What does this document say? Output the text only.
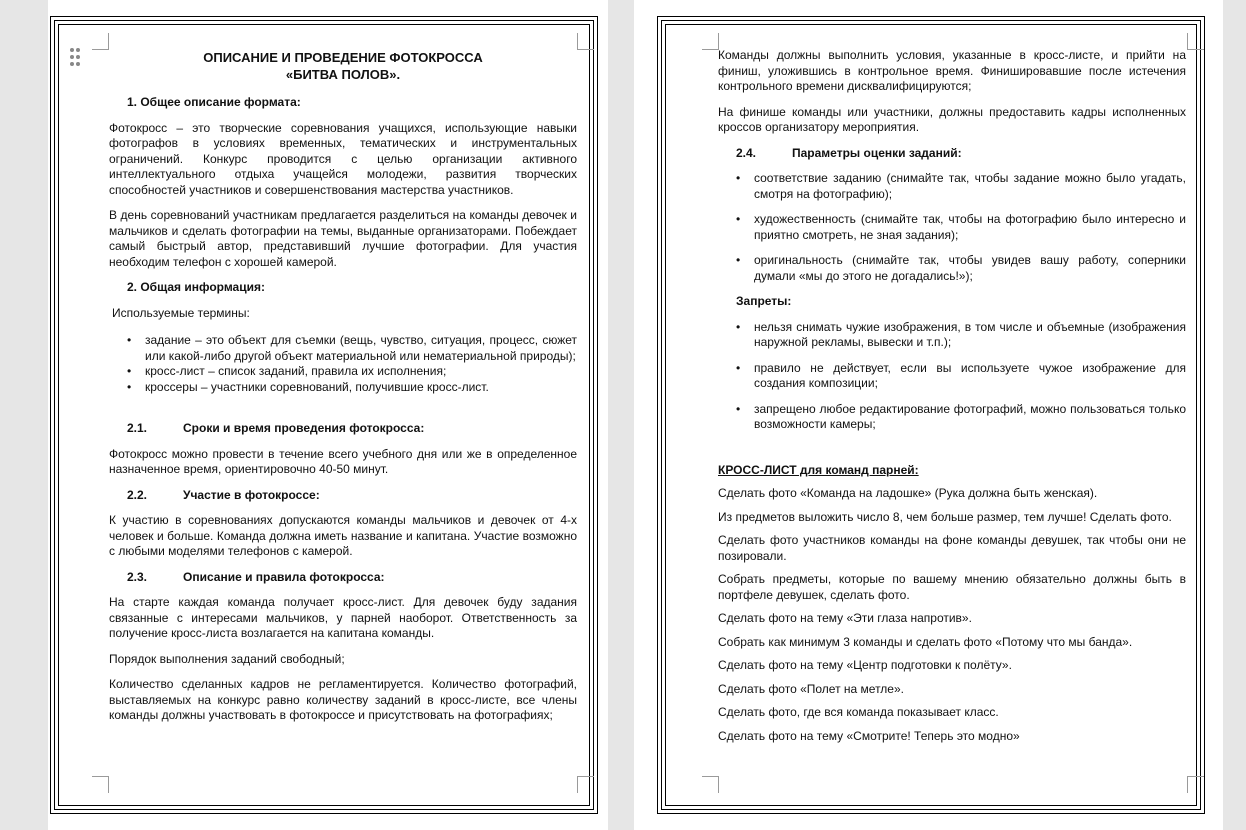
ОПИСАНИЕ И ПРОВЕДЕНИЕ ФОТОКРОССА
«БИТВА ПОЛОВ».
1. Общее описание формата:

Фотокросс – это творческие соревнования учащихся, использующие навыки фотографов в условиях временных, тематических и инструментальных ограничений. Конкурс проводится с целью организации активного интеллектуального отдыха учащейся молодежи, развития творческих способностей участников и совершенствования мастерства участников.

В день соревнований участникам предлагается разделиться на команды девочек и мальчиков и сделать фотографии на темы, выданные организаторами. Побеждает самый быстрый автор, представивший лучшие фотографии. Для участия необходим телефон с хорошей камерой.

2. Общая информация:

Используемые термины:

• задание – это объект для съемки (вещь, чувство, ситуация, процесс, сюжет или какой-либо другой объект материальной или нематериальной природы);
• кросс-лист – список заданий, правила их исполнения;
• кроссеры – участники соревнований, получившие кросс-лист.
2.1.	Сроки и время проведения фотокросса:

Фотокросс можно провести в течение всего учебного дня или же в определенное назначенное время, ориентировочно 40-50 минут.

2.2.	Участие в фотокроссе:

К участию в соревнованиях допускаются команды мальчиков и девочек от 4-х человек и больше. Команда должна иметь название и капитана. Участие возможно с любыми моделями телефонов с камерой.

2.3.	Описание и правила фотокросса:

На старте каждая команда получает кросс-лист. Для девочек буду задания связанные с интересами мальчиков, у парней наоборот. Ответственность за получение кросс-листа возлагается на капитана команды.

Порядок выполнения заданий свободный;

Количество сделанных кадров не регламентируется. Количество фотографий, выставляемых на конкурс равно количеству заданий в кросс-листе, все члены команды должны участвовать в фотокроссе и присутствовать на фотографиях;

Команды должны выполнить условия, указанные в кросс-листе, и прийти на финиш, уложившись в контрольное время. Финишировавшие после истечения контрольного времени дисквалифицируются;

На финише команды или участники, должны предоставить кадры исполненных кроссов организатору мероприятия.

2.4.	Параметры оценки заданий:
• соответствие заданию (снимайте так, чтобы задание можно было угадать, смотря на фотографию);
• художественность (снимайте так, чтобы на фотографию было интересно и приятно смотреть, не зная задания);
• оригинальность (снимайте так, чтобы увидев вашу работу, соперники думали «мы до этого не догадались!»);
Запреты:
• нельзя снимать чужие изображения, в том числе и объемные (изображения наружной рекламы, вывески и т.п.);
• правило не действует, если вы используете чужое изображение для создания композиции;
• запрещено любое редактирование фотографий, можно пользоваться только возможности камеры;

КРОСС-ЛИСТ для команд парней:

Сделать фото «Команда на ладошке» (Рука должна быть женская).

Из предметов выложить число 8, чем больше размер, тем лучше! Сделать фото.

Сделать фото участников команды на фоне команды девушек, так чтобы они не позировали.

Собрать предметы, которые по вашему мнению обязательно должны быть в портфеле девушек, сделать фото.

Сделать фото на тему «Эти глаза напротив».

Собрать как минимум 3 команды и сделать фото «Потому что мы банда».

Сделать фото на тему «Центр подготовки к полёту».

Сделать фото «Полет на метле».

Сделать фото, где вся команда показывает класс.

Сделать фото на тему «Смотрите! Теперь это модно»
